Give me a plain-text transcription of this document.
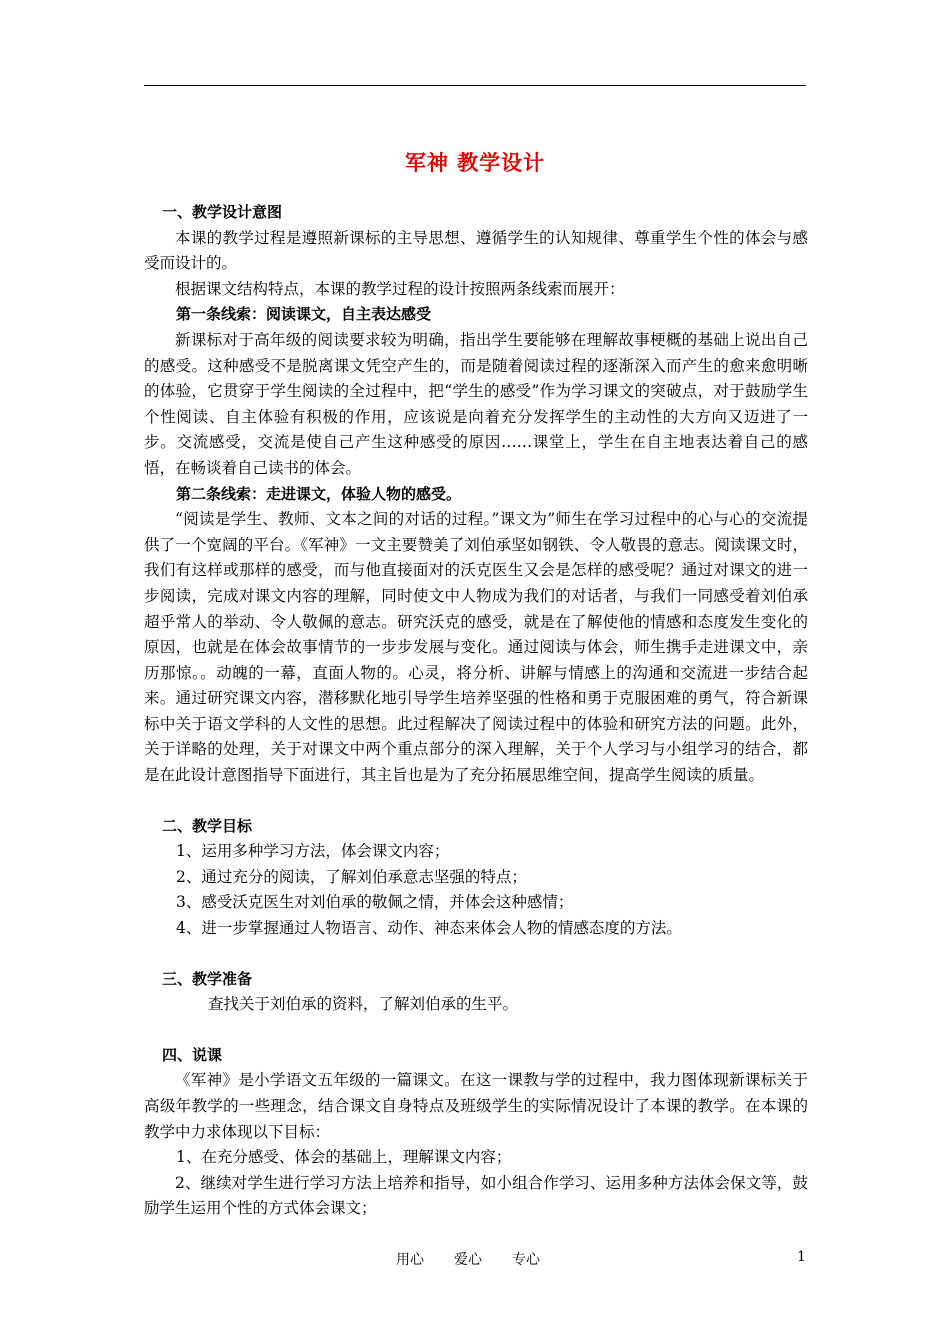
军神 教学设计

一、教学设计意图

本课的教学过程是遵照新课标的主导思想、遵循学生的认知规律、尊重学生个性的体会与感受而设计的。

根据课文结构特点，本课的教学过程的设计按照两条线索而展开：

第一条线索：阅读课文，自主表达感受

新课标对于高年级的阅读要求较为明确，指出学生要能够在理解故事梗概的基础上说出自己的感受。这种感受不是脱离课文凭空产生的，而是随着阅读过程的逐渐深入而产生的愈来愈明晰的体验，它贯穿于学生阅读的全过程中，把“学生的感受”作为学习课文的突破点，对于鼓励学生个性阅读、自主体验有积极的作用，应该说是向着充分发挥学生的主动性的大方向又迈进了一步。交流感受，交流是使自己产生这种感受的原因……课堂上，学生在自主地表达着自己的感悟，在畅谈着自己读书的体会。

第二条线索：走进课文，体验人物的感受。

“阅读是学生、教师、文本之间的对话的过程。”课文为”师生在学习过程中的心与心的交流提供了一个宽阔的平台。《军神》一文主要赞美了刘伯承坚如钢铁、令人敬畏的意志。阅读课文时，我们有这样或那样的感受，而与他直接面对的沃克医生又会是怎样的感受呢？通过对课文的进一步阅读，完成对课文内容的理解，同时使文中人物成为我们的对话者，与我们一同感受着刘伯承超乎常人的举动、令人敬佩的意志。研究沃克的感受，就是在了解使他的情感和态度发生变化的原因，也就是在体会故事情节的一步步发展与变化。通过阅读与体会，师生携手走进课文中，亲历那惊。。动魄的一幕，直面人物的。心灵，将分析、讲解与情感上的沟通和交流进一步结合起来。通过研究课文内容，潜移默化地引导学生培养坚强的性格和勇于克服困难的勇气，符合新课标中关于语文学科的人文性的思想。此过程解决了阅读过程中的体验和研究方法的问题。此外，关于详略的处理，关于对课文中两个重点部分的深入理解，关于个人学习与小组学习的结合，都是在此设计意图指导下面进行，其主旨也是为了充分拓展思维空间，提高学生阅读的质量。

二、教学目标

1、运用多种学习方法，体会课文内容；

2、通过充分的阅读，了解刘伯承意志坚强的特点；

3、感受沃克医生对刘伯承的敬佩之情，并体会这种感情；

4、进一步掌握通过人物语言、动作、神态来体会人物的情感态度的方法。

三、教学准备

查找关于刘伯承的资料，了解刘伯承的生平。

四、说课

《军神》是小学语文五年级的一篇课文。在这一课教与学的过程中，我力图体现新课标关于高级年教学的一些理念，结合课文自身特点及班级学生的实际情况设计了本课的教学。在本课的教学中力求体现以下目标：

1、在充分感受、体会的基础上，理解课文内容；

2、继续对学生进行学习方法上培养和指导，如小组合作学习、运用多种方法体会保文等，鼓励学生运用个性的方式体会课文；

用心 爱心 专心	1
